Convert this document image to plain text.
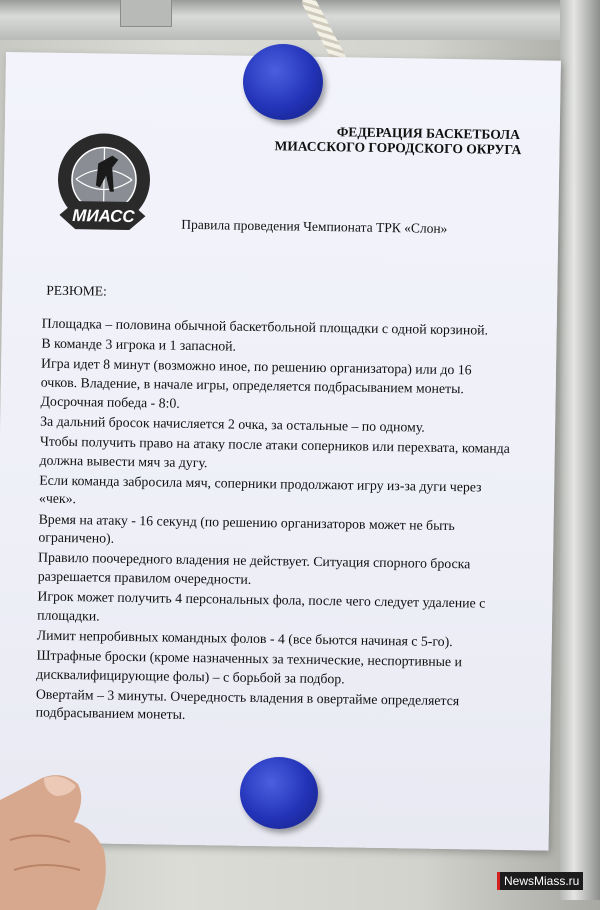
МИАСС
ФЕДЕРАЦИЯ БАСКЕТБОЛА
МИАССКОГО ГОРОДСКОГО ОКРУГА
Правила проведения Чемпионата ТРК «Слон»
РЕЗЮМЕ:

Площадка – половина обычной баскетбольной площадки с одной корзиной.

В команде 3 игрока и 1 запасной.

Игра идет 8 минут (возможно иное, по решению организатора) или до 16 очков. Владение, в начале игры, определяется подбрасыванием монеты. Досрочная победа - 8:0.

За дальний бросок начисляется 2 очка, за остальные – по одному.

Чтобы получить право на атаку после атаки соперников или перехвата, команда должна вывести мяч за дугу.

Если команда забросила мяч, соперники продолжают игру из-за дуги через «чек».

Время на атаку - 16 секунд (по решению организаторов может не быть ограничено).

Правило поочередного владения не действует. Ситуация спорного броска разрешается правилом очередности.

Игрок может получить 4 персональных фола, после чего следует удаление с площадки.

Лимит непробивных командных фолов - 4 (все бьются начиная с 5-го).

Штрафные броски (кроме назначенных за технические, неспортивные и дисквалифицирующие фолы) – с борьбой за подбор.

Овертайм – 3 минуты. Очередность владения в овертайме определяется подбрасыванием монеты.

NewsMiass.ru
